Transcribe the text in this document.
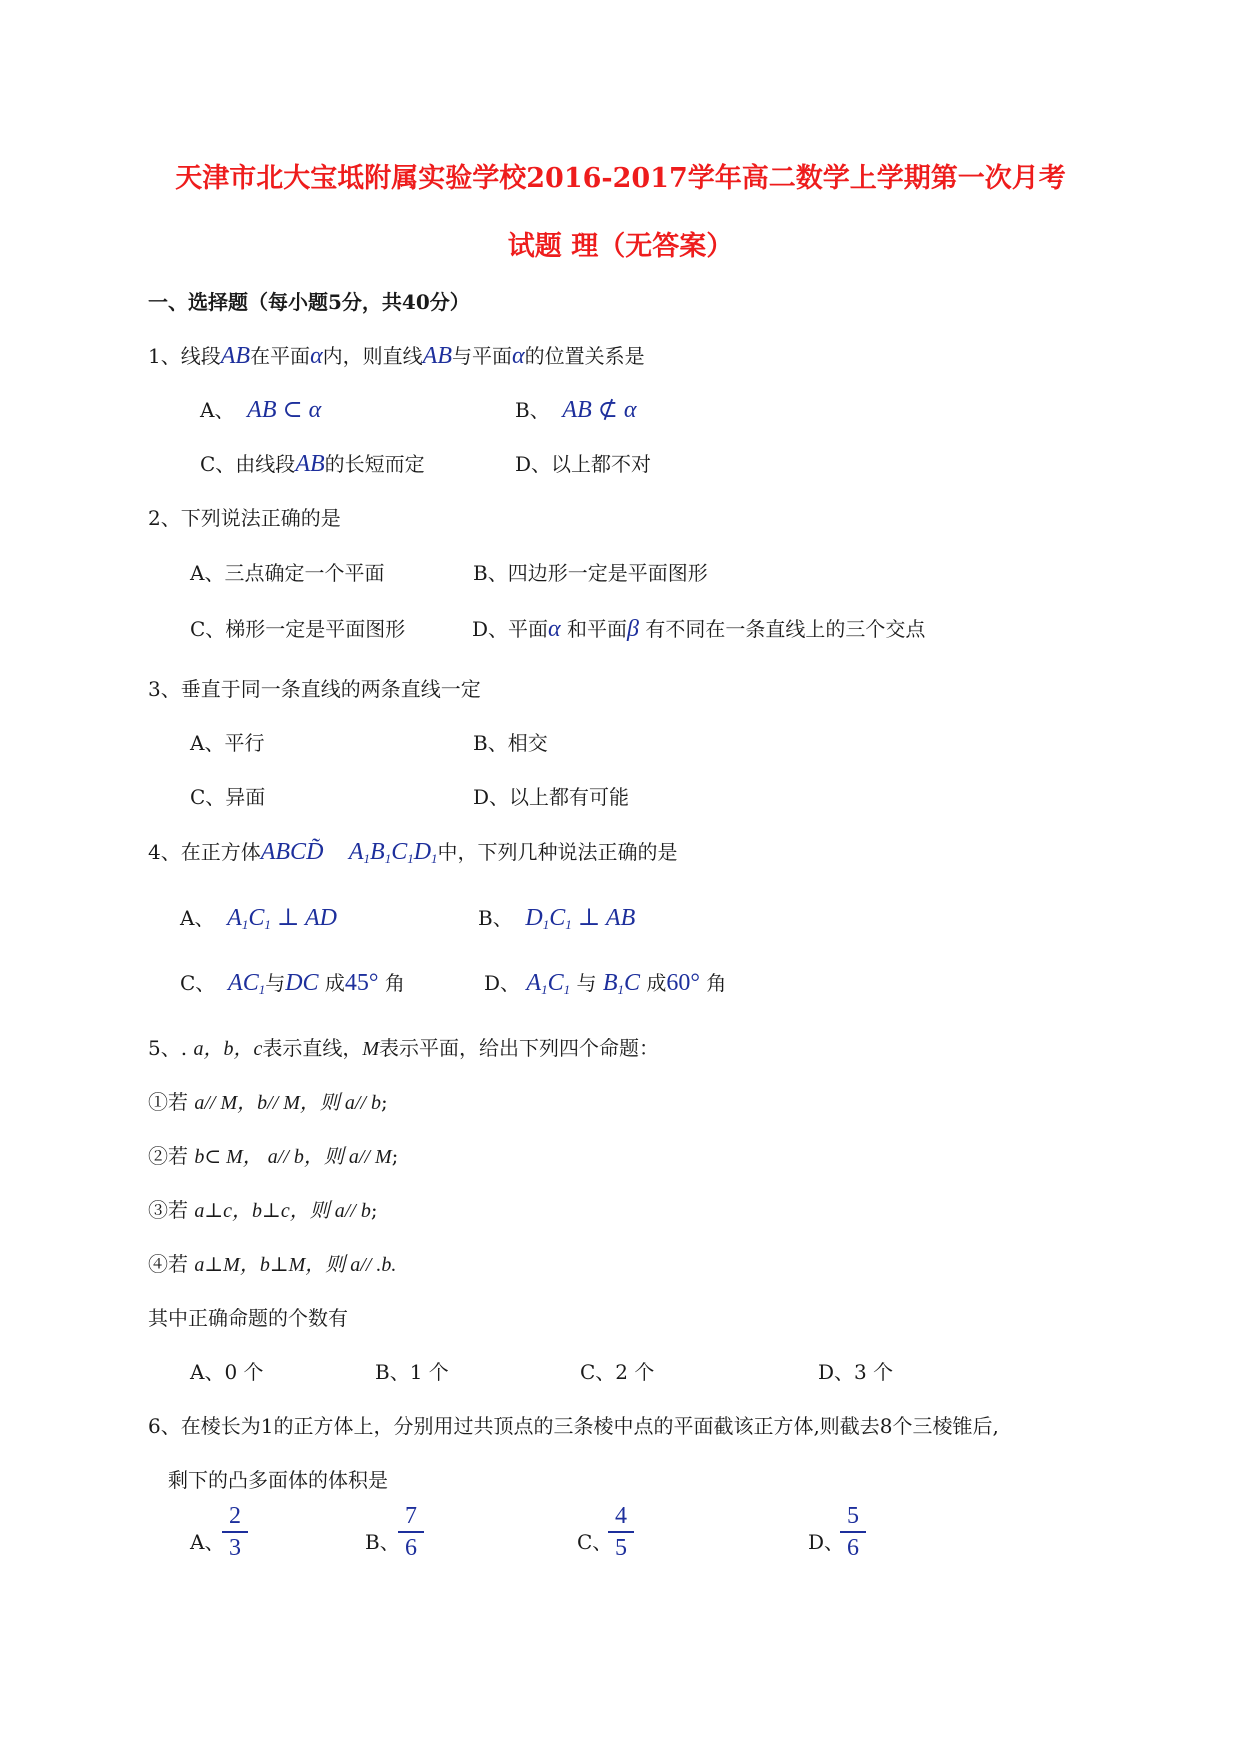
天津市北大宝坻附属实验学校2016-2017学年高二数学上学期第一次月考
试题 理（无答案）
一、选择题（每小题5分，共40分）
1、线段AB在平面α内，则直线AB与平面α的位置关系是
A、 AB ⊂ α	B、 AB ⊄ α
C、由线段AB的长短而定	D、以上都不对
2、下列说法正确的是
A、三点确定一个平面	B、四边形一定是平面图形
C、梯形一定是平面图形	D、平面α 和平面β 有不同在一条直线上的三个交点
3、垂直于同一条直线的两条直线一定
A、平行	B、相交
C、异面	D、以上都有可能
4、在正方体ABCD̃ $A_1B_1C_1D_1$中，下列几种说法正确的是
A、 $A_1C_1$ ⊥ AD	B、 $D_1C_1$ ⊥ AB
C、 $AC_1$与DC 成45° 角	D、 $A_1C_1$ 与 $B_1C$ 成60° 角
5、. a，b，c表示直线，M表示平面，给出下列四个命题：
①若 a// M，b// M，则 a// b;
②若 b⊂ M， a// b，则 a// M;
③若 a⊥c，b⊥c，则 a// b;
④若 a⊥M，b⊥M，则 a// .b.
其中正确命题的个数有
A、0 个	B、1 个	C、2 个	D、3 个
6、在棱长为1的正方体上，分别用过共顶点的三条棱中点的平面截该正方体,则截去8个三棱锥后,
剩下的凸多面体的体积是
A、
2
3	B、
7
6	C、
4
5	D、
5
6
